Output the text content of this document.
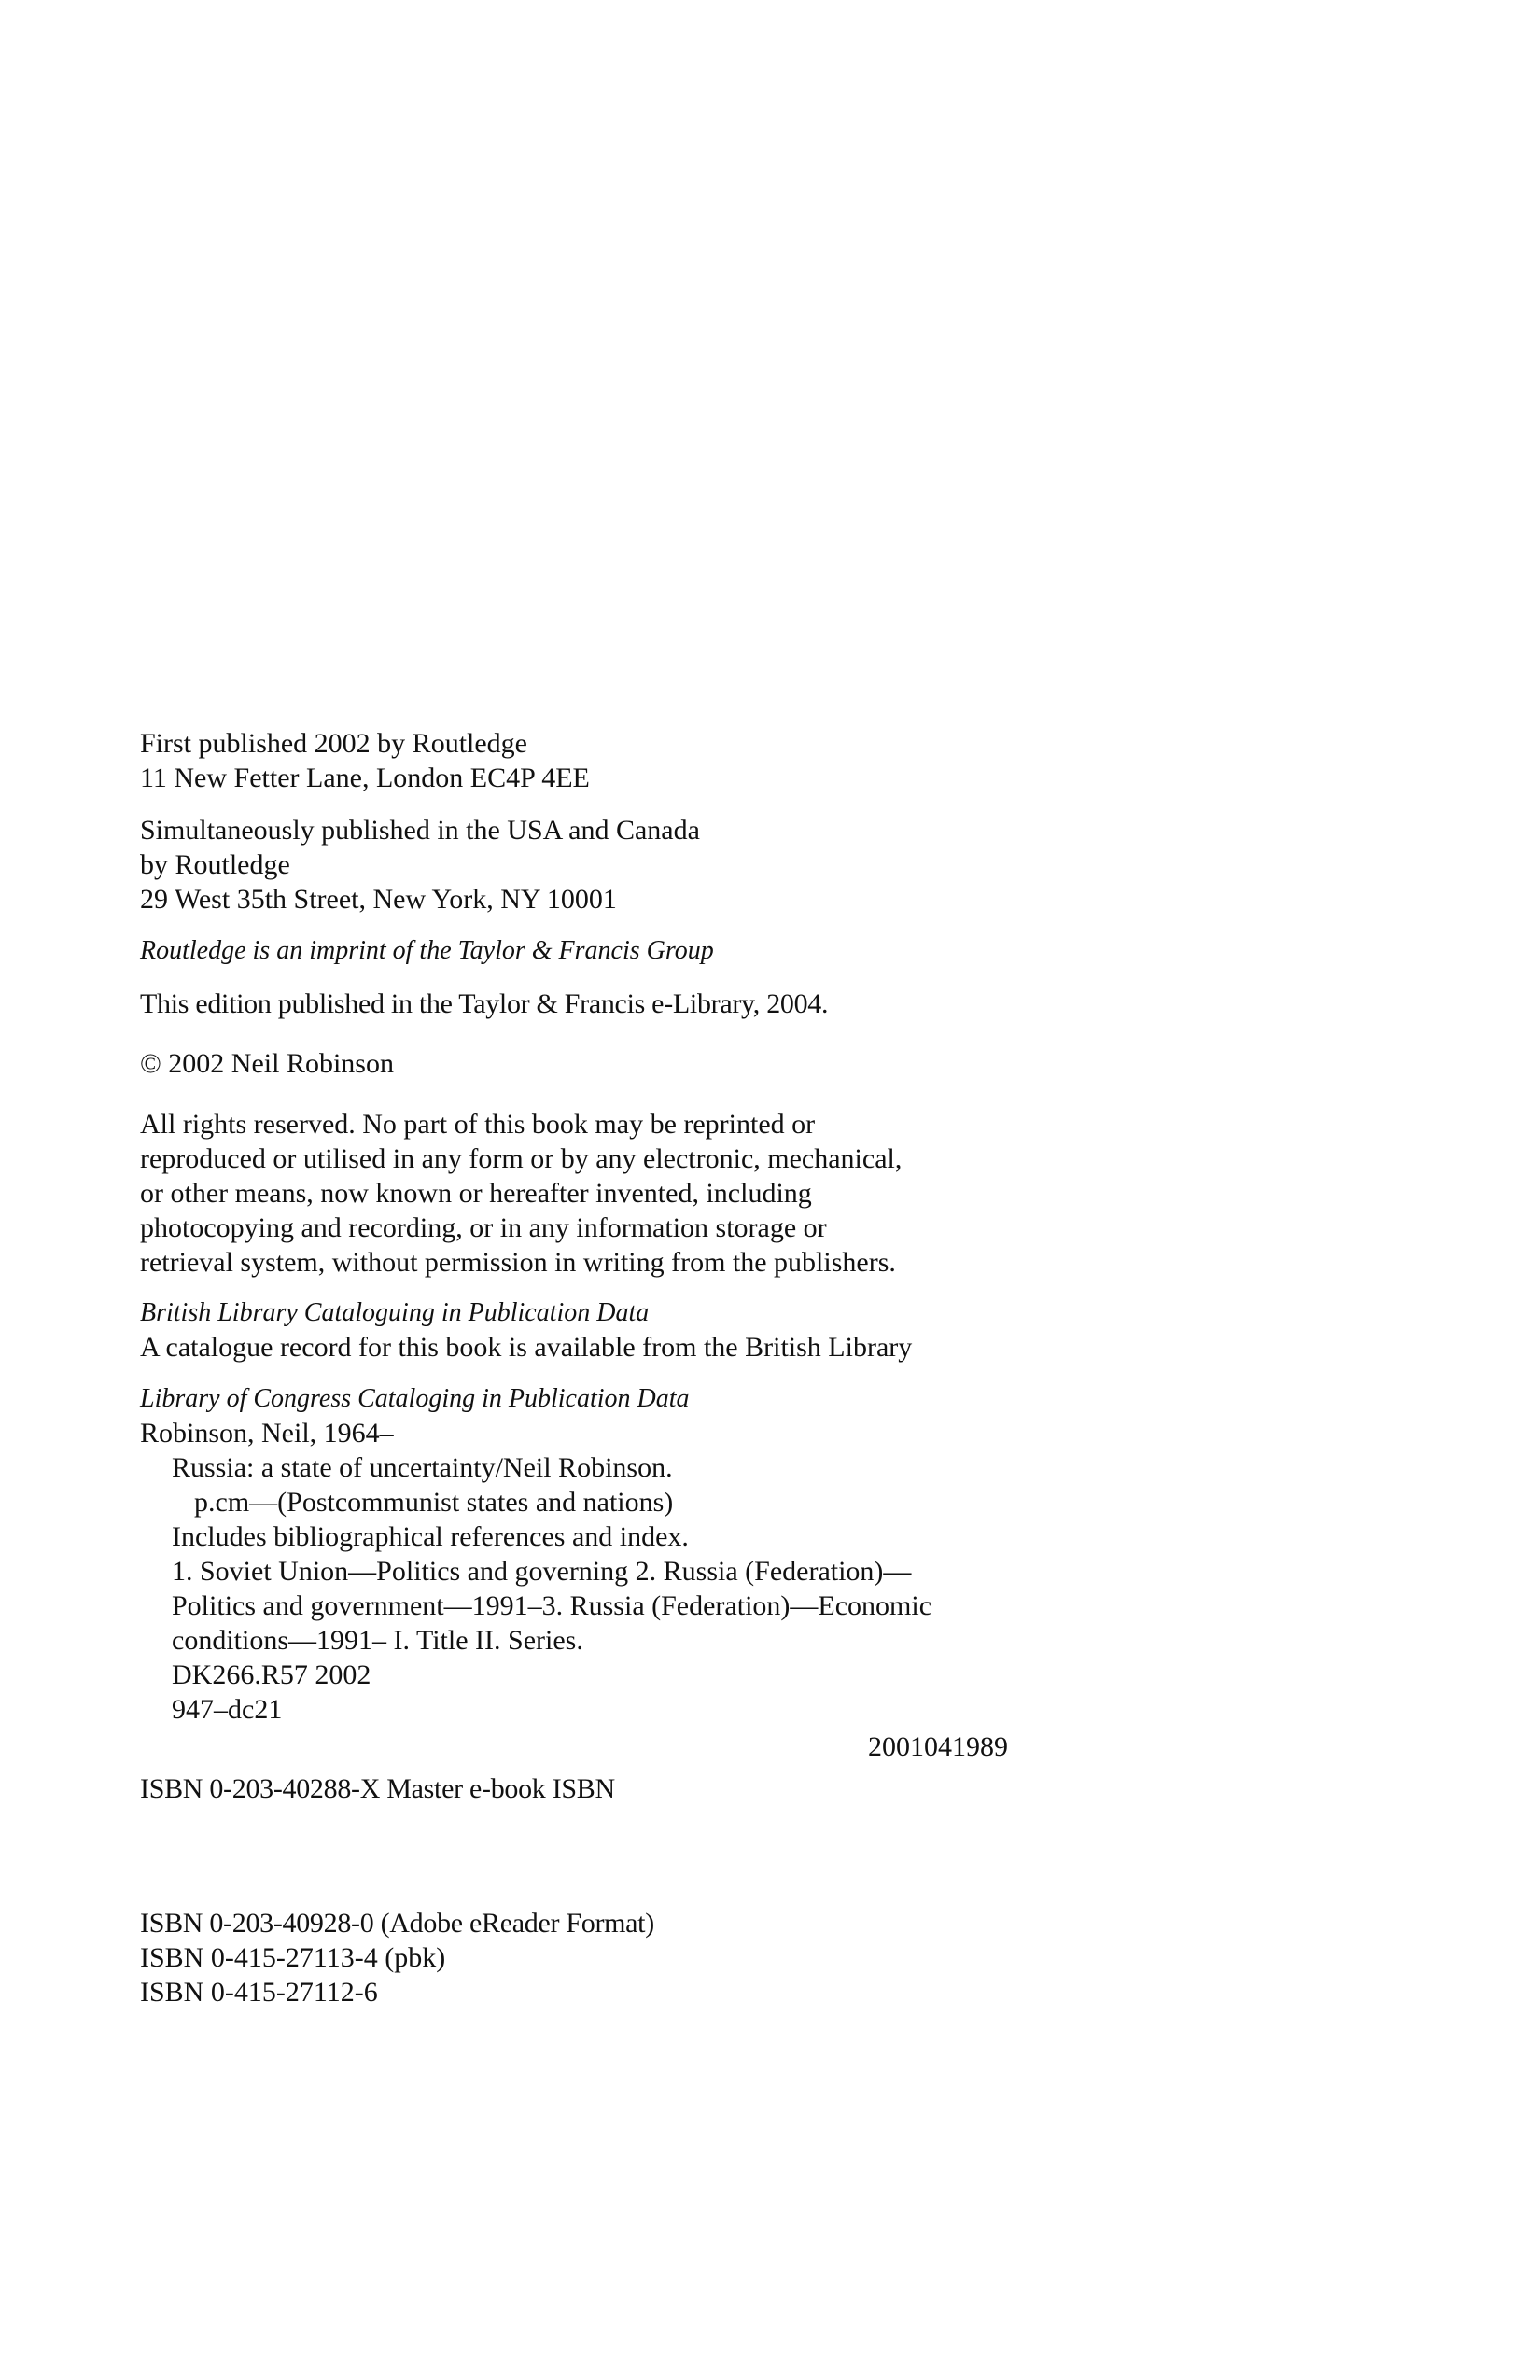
First published 2002 by Routledge
11 New Fetter Lane, London EC4P 4EE
Simultaneously published in the USA and Canada
by Routledge
29 West 35th Street, New York, NY 10001
Routledge is an imprint of the Taylor & Francis Group
This edition published in the Taylor & Francis e-Library, 2004.
© 2002 Neil Robinson
All rights reserved. No part of this book may be reprinted or
reproduced or utilised in any form or by any electronic, mechanical,
or other means, now known or hereafter invented, including
photocopying and recording, or in any information storage or
retrieval system, without permission in writing from the publishers.
British Library Cataloguing in Publication Data
A catalogue record for this book is available from the British Library
Library of Congress Cataloging in Publication Data
Robinson, Neil, 1964–
Russia: a state of uncertainty/Neil Robinson.
p.cm—(Postcommunist states and nations)
Includes bibliographical references and index.
1. Soviet Union—Politics and governing 2. Russia (Federation)—
Politics and government—1991–3. Russia (Federation)—Economic
conditions—1991– I. Title II. Series.
DK266.R57 2002
947–dc21
2001041989
ISBN 0-203-40288-X Master e-book ISBN
ISBN 0-203-40928-0 (Adobe eReader Format)
ISBN 0-415-27113-4 (pbk)
ISBN 0-415-27112-6
